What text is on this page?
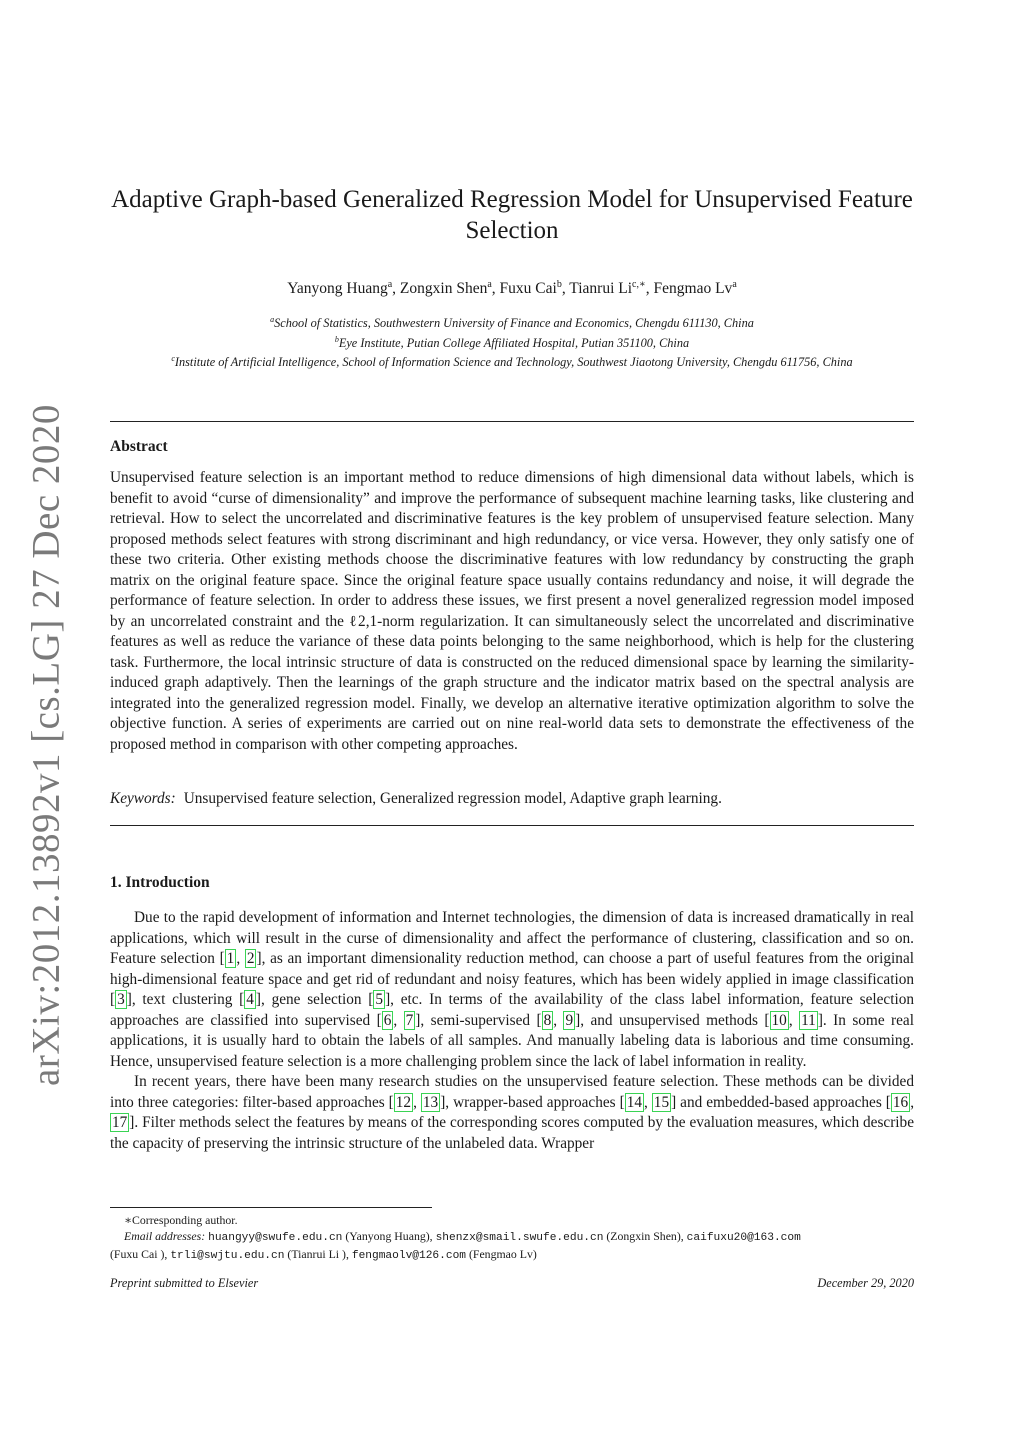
arXiv:2012.13892v1 [cs.LG] 27 Dec 2020
Adaptive Graph-based Generalized Regression Model for Unsupervised Feature
Selection
Yanyong Huang$^a$, Zongxin Shen$^a$, Fuxu Cai$^b$, Tianrui $Li^{c,∗}$, Fengmao Lv$^a$
$^a$School of Statistics, Southwestern University of Finance and Economics, Chengdu 611130, China
$^b$Eye Institute, Putian College Affiliated Hospital, Putian 351100, China
$^c$Institute of Artificial Intelligence, School of Information Science and Technology, Southwest Jiaotong University, Chengdu 611756, China
Abstract

Unsupervised feature selection is an important method to reduce dimensions of high dimensional data without labels, which is benefit to avoid “curse of dimensionality” and improve the performance of subsequent machine learning tasks, like clustering and retrieval. How to select the uncorrelated and discriminative features is the key problem of unsupervised feature selection. Many proposed methods select features with strong discriminant and high redundancy, or vice versa. However, they only satisfy one of these two criteria. Other existing methods choose the discriminative features with low redundancy by constructing the graph matrix on the original feature space. Since the original feature space usually contains redundancy and noise, it will degrade the performance of feature selection. In order to address these issues, we first present a novel generalized regression model imposed by an uncorrelated constraint and the ℓ2,1-norm regularization. It can simultaneously select the uncorrelated and discriminative features as well as reduce the variance of these data points belonging to the same neighborhood, which is help for the clustering task. Furthermore, the local intrinsic structure of data is constructed on the reduced dimensional space by learning the similarity-induced graph adaptively. Then the learnings of the graph structure and the indicator matrix based on the spectral analysis are integrated into the generalized regression model. Finally, we develop an alternative iterative optimization algorithm to solve the objective function. A series of experiments are carried out on nine real-world data sets to demonstrate the effectiveness of the proposed method in comparison with other competing approaches.

Keywords: Unsupervised feature selection, Generalized regression model, Adaptive graph learning.
1. Introduction

Due to the rapid development of information and Internet technologies, the dimension of data is increased dramatically in real applications, which will result in the curse of dimensionality and affect the performance of clustering, classification and so on. Feature selection [ 1 , 2 ], as an important dimensionality reduction method, can choose a part of useful features from the original high-dimensional feature space and get rid of redundant and noisy features, which has been widely applied in image classification [ 3 ], text clustering [ 4 ], gene selection [ 5 ], etc. In terms of the availability of the class label information, feature selection approaches are classified into supervised [ 6 , 7 ], semi-supervised [ 8 , 9 ], and unsupervised methods [ 10 , 11 ]. In some real applications, it is usually hard to obtain the labels of all samples. And manually labeling data is laborious and time consuming. Hence, unsupervised feature selection is a more challenging problem since the lack of label information in reality.

In recent years, there have been many research studies on the unsupervised feature selection. These methods can be divided into three categories: filter-based approaches [ 12 , 13 ], wrapper-based approaches [ 14 , 15 ] and embedded-based approaches [ 16 , 17 ]. Filter methods select the features by means of the corresponding scores computed by the evaluation measures, which describe the capacity of preserving the intrinsic structure of the unlabeled data. Wrapper

∗Corresponding author.
Email addresses: huangyy@swufe.edu.cn (Yanyong Huang), shenzx@smail.swufe.edu.cn (Zongxin Shen), caifuxu20@163.com
(Fuxu Cai ), trli@swjtu.edu.cn (Tianrui Li ), fengmaolv@126.com (Fengmao Lv)
Preprint submitted to Elsevier	December 29, 2020
